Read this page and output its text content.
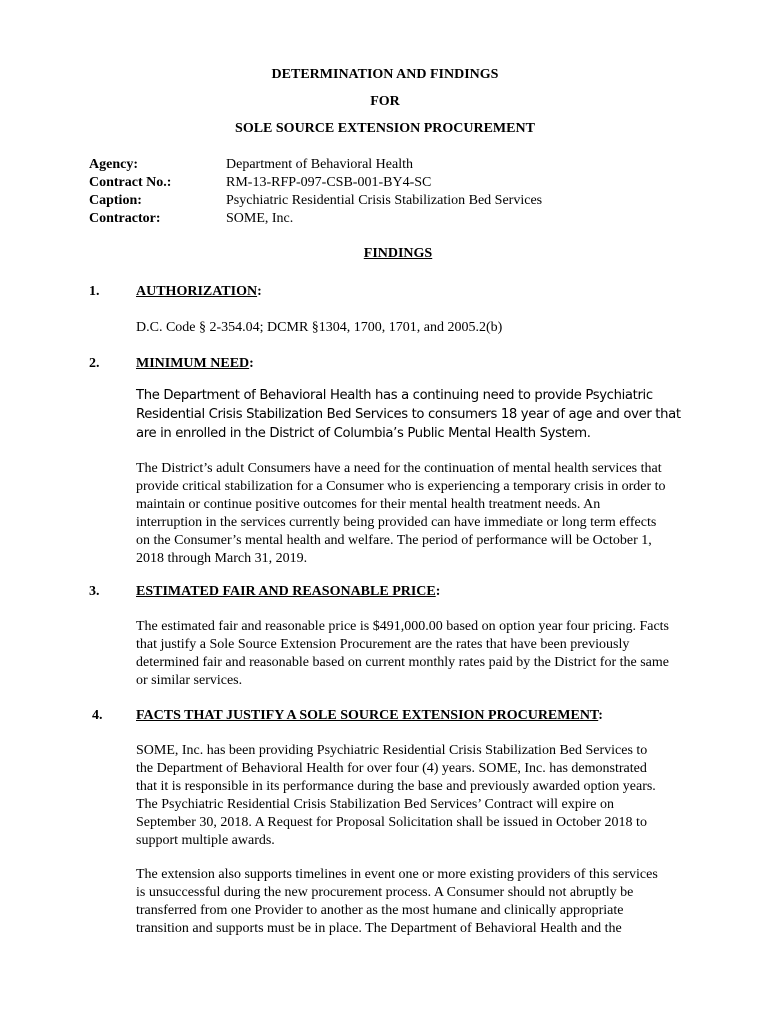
DETERMINATION AND FINDINGS
FOR
SOLE SOURCE EXTENSION PROCUREMENT
Agency:	Department of Behavioral Health
Contract No.:	RM-13-RFP-097-CSB-001-BY4-SC
Caption:	Psychiatric Residential Crisis Stabilization Bed Services
Contractor:	SOME, Inc.
FINDINGS
1.	AUTHORIZATION:
D.C. Code § 2-354.04; DCMR §1304, 1700, 1701, and 2005.2(b)
2.	MINIMUM NEED:
The Department of Behavioral Health has a continuing need to provide Psychiatric
Residential Crisis Stabilization Bed Services to consumers 18 year of age and over that
are in enrolled in the District of Columbia’s Public Mental Health System.
The District’s adult Consumers have a need for the continuation of mental health services that
provide critical stabilization for a Consumer who is experiencing a temporary crisis in order to
maintain or continue positive outcomes for their mental health treatment needs. An
interruption in the services currently being provided can have immediate or long term effects
on the Consumer’s mental health and welfare. The period of performance will be October 1,
2018 through March 31, 2019.
3.	ESTIMATED FAIR AND REASONABLE PRICE:
The estimated fair and reasonable price is $491,000.00 based on option year four pricing. Facts
that justify a Sole Source Extension Procurement are the rates that have been previously
determined fair and reasonable based on current monthly rates paid by the District for the same
or similar services.
4. FACTS THAT JUSTIFY A SOLE SOURCE EXTENSION PROCUREMENT:
SOME, Inc. has been providing Psychiatric Residential Crisis Stabilization Bed Services to
the Department of Behavioral Health for over four (4) years. SOME, Inc. has demonstrated
that it is responsible in its performance during the base and previously awarded option years.
The Psychiatric Residential Crisis Stabilization Bed Services’ Contract will expire on
September 30, 2018. A Request for Proposal Solicitation shall be issued in October 2018 to
support multiple awards.
The extension also supports timelines in event one or more existing providers of this services
is unsuccessful during the new procurement process. A Consumer should not abruptly be
transferred from one Provider to another as the most humane and clinically appropriate
transition and supports must be in place. The Department of Behavioral Health and the
